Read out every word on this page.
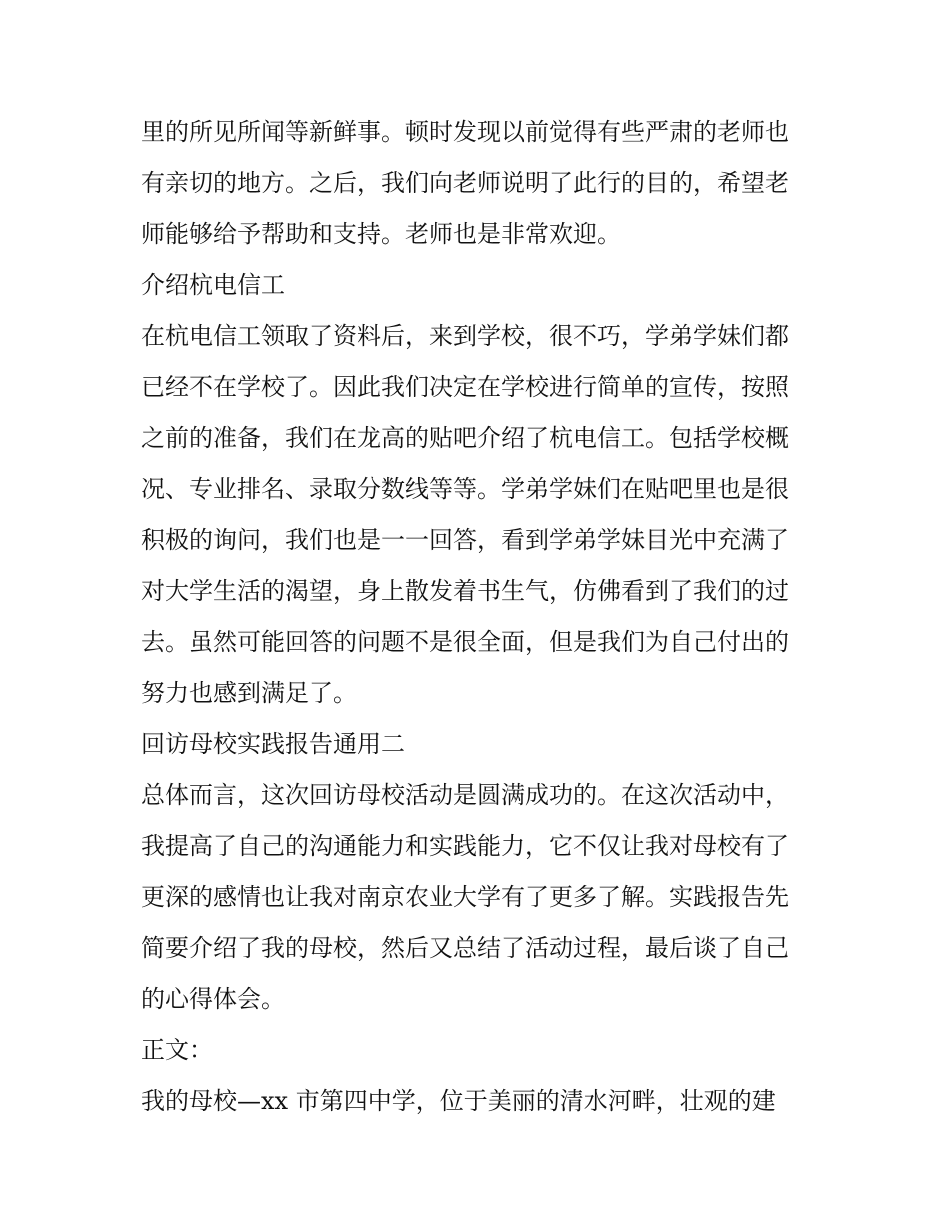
里的所见所闻等新鲜事。顿时发现以前觉得有些严肃的老师也
有亲切的地方。之后，我们向老师说明了此行的目的，希望老
师能够给予帮助和支持。老师也是非常欢迎。
介绍杭电信工
在杭电信工领取了资料后，来到学校，很不巧，学弟学妹们都
已经不在学校了。因此我们决定在学校进行简单的宣传，按照
之前的准备，我们在龙高的贴吧介绍了杭电信工。包括学校概
况、专业排名、录取分数线等等。学弟学妹们在贴吧里也是很
积极的询问，我们也是一一回答，看到学弟学妹目光中充满了
对大学生活的渴望，身上散发着书生气，仿佛看到了我们的过
去。虽然可能回答的问题不是很全面，但是我们为自己付出的
努力也感到满足了。
回访母校实践报告通用二
总体而言，这次回访母校活动是圆满成功的。在这次活动中，
我提高了自己的沟通能力和实践能力，它不仅让我对母校有了
更深的感情也让我对南京农业大学有了更多了解。实践报告先
简要介绍了我的母校，然后又总结了活动过程，最后谈了自己
的心得体会。
正文：
我的母校—xx 市第四中学，位于美丽的清水河畔，壮观的建
